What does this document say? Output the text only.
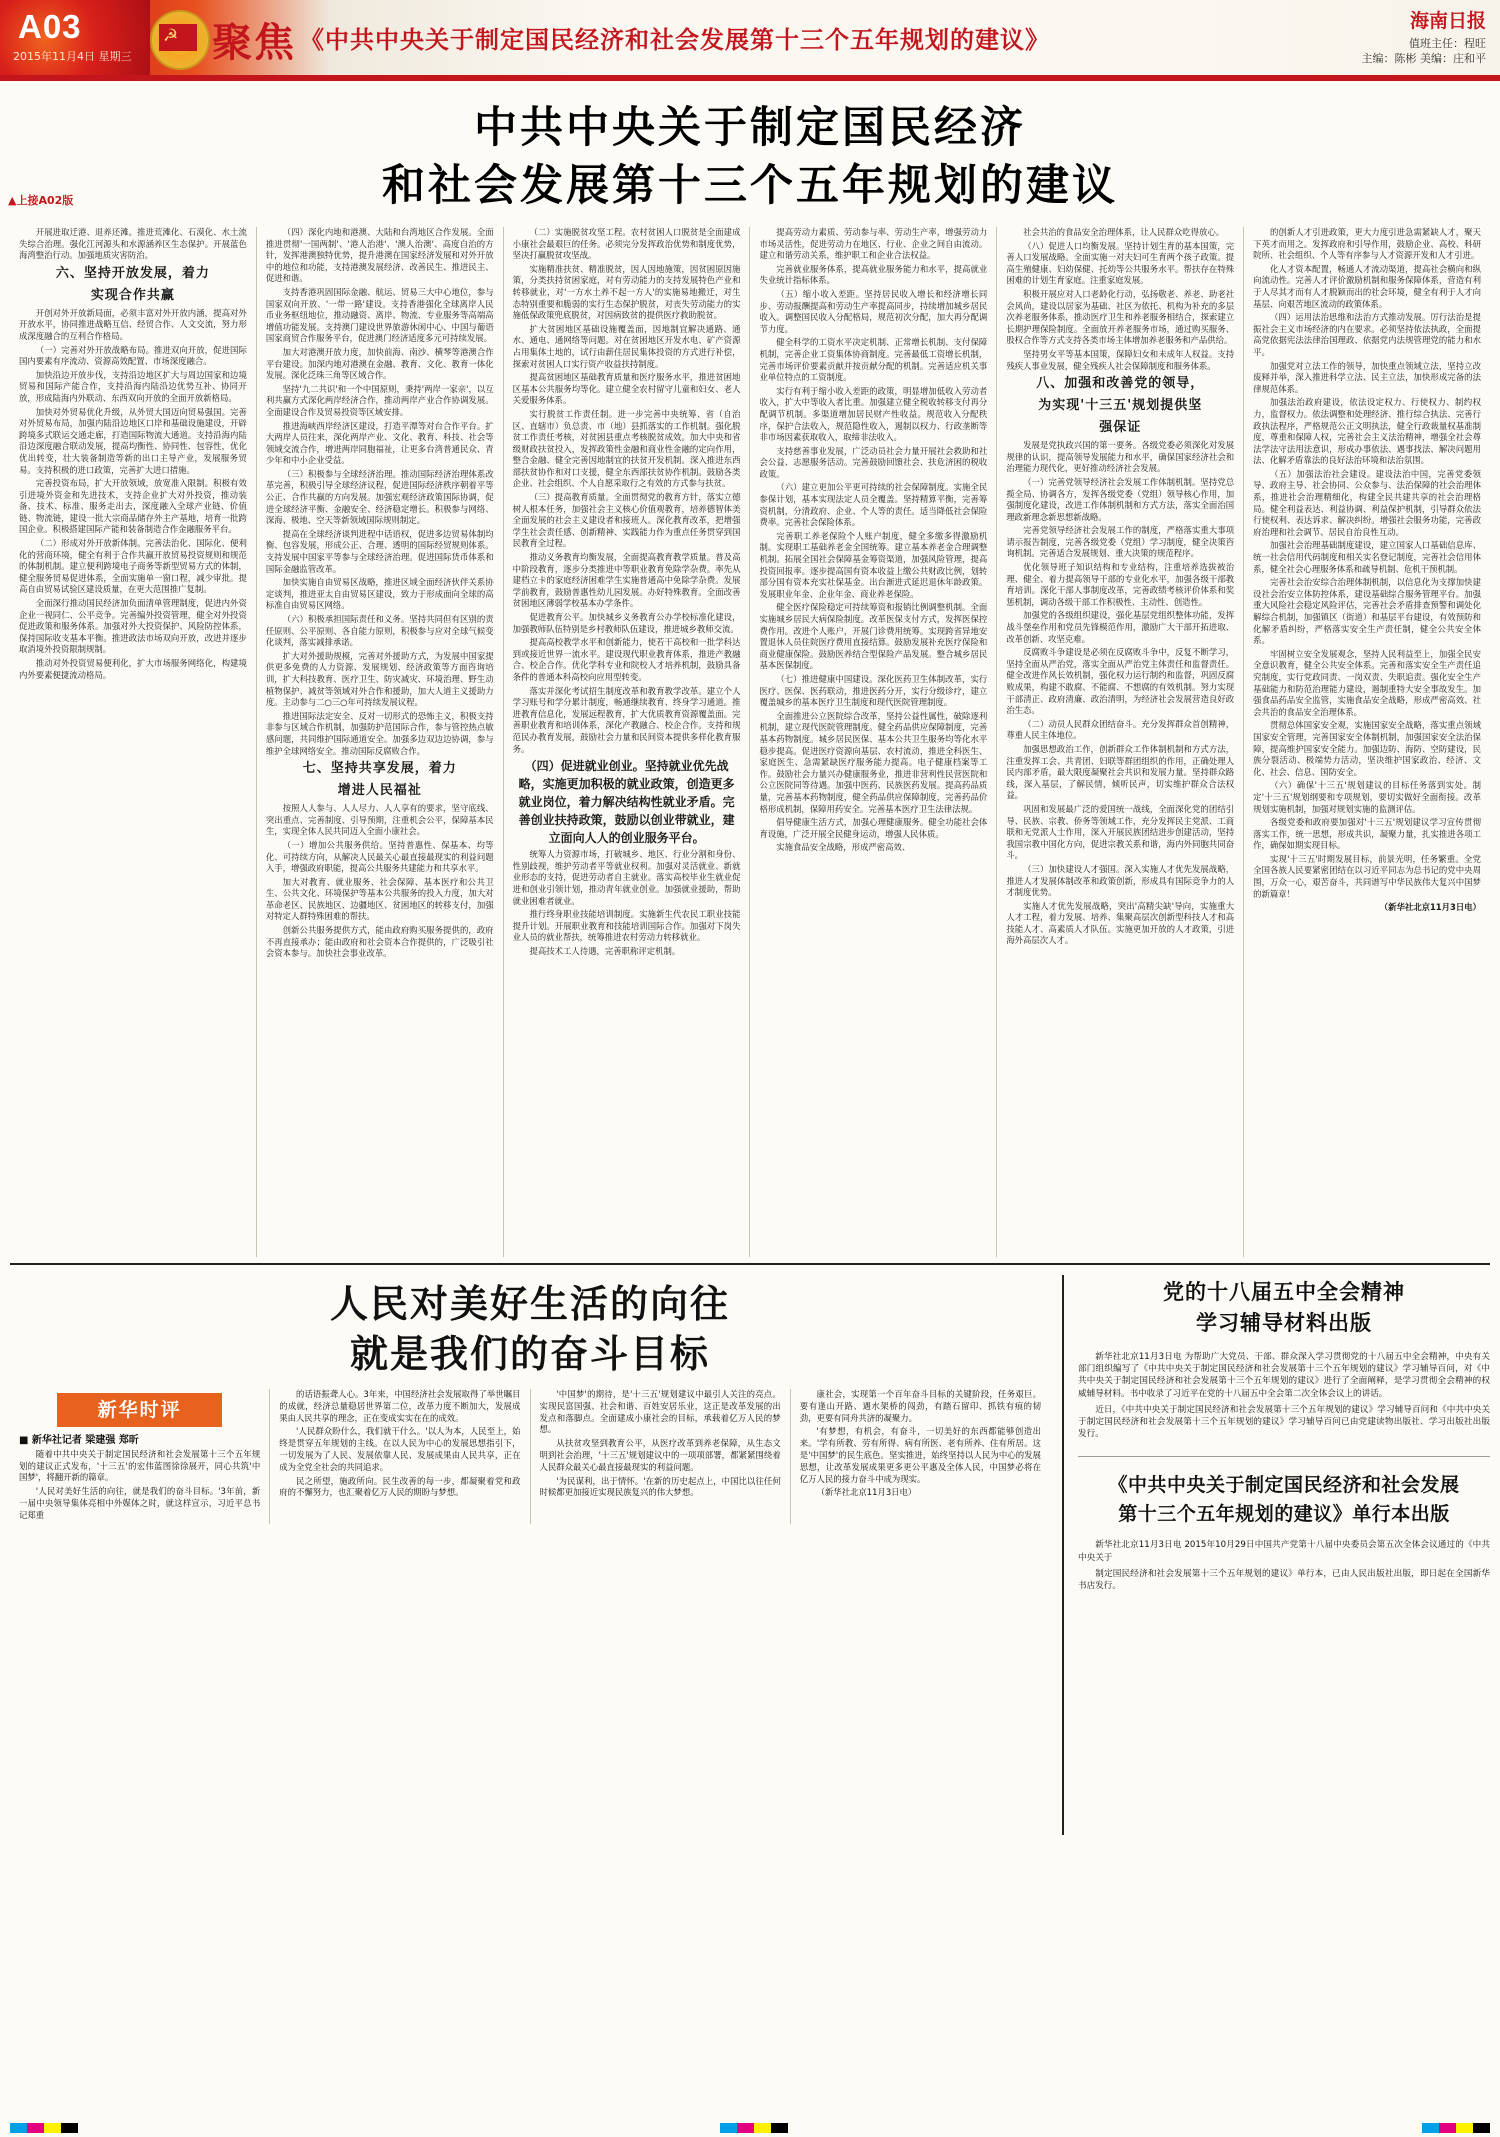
A03
2015年11月4日 星期三
☭ 聚焦 《中共中央关于制定国民经济和社会发展第十三个五年规划的建议》
海南日报
值班主任：程旺
主编：陈彬 美编：庄和平
中共中央关于制定国民经济
和社会发展第十三个五年规划的建议
▲上接A02版

开展进取迁港、退养还滩。推进荒滩化、石漠化、水土流失综合治理。强化江河源头和水源涵养区生态保护。开展蓝色海湾整治行动。加强地质灾害防治。

六、坚持开放发展，着力

实现合作共赢

开创对外开放新局面，必须丰富对外开放内涵，提高对外开放水平，协同推进战略互信、经贸合作、人文交流，努力形成深度融合的互利合作格局。

（一）完善对外开放战略布局。推进双向开放，促进国际国内要素有序流动、资源高效配置、市场深度融合。

加快沿边开放步伐，支持沿边地区扩大与周边国家和边境贸易和国际产能合作，支持沿海内陆沿边优势互补、协同开放，形成陆海内外联动、东西双向开放的全面开放新格局。

加快对外贸易优化升级，从外贸大国迈向贸易强国。完善对外贸易布局，加强内陆沿边地区口岸和基础设施建设，开辟跨境多式联运交通走廊，打造国际物流大通道。支持沿海内陆沿边深度融合联动发展，提高均衡性、协同性、包容性，优化优出转变，壮大装备制造等新的出口主导产业，发展服务贸易。支持积极的进口政策，完善扩大进口措施。

完善投资布局，扩大开放领域，放宽准入限制。积极有效引进境外资金和先进技术，支持企业扩大对外投资，推动装备、技术、标准、服务走出去，深度融入全球产业链、价值链、物流链，建设一批大宗商品储存外主产基地，培育一批跨国企业。积极搭建国际产能和装备制造合作金融服务平台。

（二）形成对外开放新体制。完善法治化、国际化、便利化的营商环境，健全有利于合作共赢开放贸易投资规则和规范的体制机制。建立便利跨境电子商务等新型贸易方式的体制，健全服务贸易促进体系，全面实施单一窗口程，减少审批。提高自由贸易试验区建设质量，在更大范围推广复制。

全面深行推动国民经济加负面清单管理制度，促进内外资企业一视同仁、公平竞争。完善编外投资管理，健全对外投资促进政策和服务体系。加强对外大投资保护、风险防控体系，保持国际收支基本平衡。推进政法市场双向开放，改进并逐步取消境外投资限制规制。

推动对外投资贸易便利化，扩大市场服务网络化，构建境内外要素便捷流动格局。

（四）深化内地和港澳、大陆和台湾地区合作发展。全面推进贯彻'一国两制'、'港人治港'、'澳人治澳'、高度自治的方针，发挥港澳独特优势，提升港澳在国家经济发展和对外开放中的地位和功能，支持港澳发展经济、改善民生、推进民主、促进和谐。

支持香港巩固国际金融、航运、贸易三大中心地位，参与国家双向开放、'一带一路'建设。支持香港强化全球离岸人民币业务枢纽地位，推动融资、离岸、物流、专业服务等高端高增值功能发展。支持澳门建设世界旅游休闲中心、中国与葡语国家商贸合作服务平台，促进澳门经济适度多元可持续发展。

加大对港澳开放力度，加快前海、南沙、横琴等港澳合作平台建设。加深内地对港澳在金融、教育、文化、教育一体化发展。深化泛珠三角等区域合作。

坚持'九二共识'和一个中国原则，秉持'两岸一家亲'，以互利共赢方式深化两岸经济合作，推动两岸产业合作协调发展。全面建设合作及贸易投资等区域安排。

推进海峡西岸经济区建设，打造平潭等对台合作平台。扩大两岸人员往来，深化两岸产业、文化、教育、科技、社会等领域交流合作，增进两岸同胞福祉，让更多台湾普通民众、青少年和中小企业受益。

（三）积极参与全球经济治理。推动国际经济治理体系改革完善，积极引导全球经济议程，促进国际经济秩序朝着平等公正、合作共赢的方向发展。加强宏观经济政策国际协调，促进全球经济平衡、金融安全、经济稳定增长。积极参与网络、深海、极地、空天等新领域国际规则制定。

提高在全球经济谈判进程中话语权，促进多边贸易体制均衡、包容发展，形成公正、合理、透明的国际经贸规则体系。支持发展中国家平等参与全球经济治理。促进国际货币体系和国际金融监管改革。

加快实施自由贸易区战略，推进区域全面经济伙伴关系协定谈判，推进亚太自由贸易区建设，致力于形成面向全球的高标准自由贸易区网络。

（六）积极承担国际责任和义务。坚持共同但有区别的责任原则、公平原则、各自能力原则，积极参与应对全球气候变化谈判，落实减排承诺。

扩大对外援助规模，完善对外援助方式，为发展中国家提供更多免费的人力资源、发展规划、经济政策等方面咨询培训，扩大科技教育、医疗卫生、防灾减灾、环境治理、野生动植物保护、减贫等领域对外合作和援助，加大人道主义援助力度。主动参与二○三○年可持续发展议程。

推进国际法定安全、反对一切形式的恐怖主义，积极支持非参与区域合作机制，加强防护范国际合作，参与管控热点敏感问题，共同维护国际通道安全。加强多边双边边协调，参与维护全球网络安全。推动国际反腐败合作。

七、坚持共享发展，着力

增进人民福祉

按照人人参与、人人尽力、人人享有的要求，坚守底线、突出重点、完善制度、引导预期，注重机会公平，保障基本民生，实现全体人民共同迈入全面小康社会。

（一）增加公共服务供给。坚持普惠性、保基本、均等化、可持续方向，从解决人民最关心最直接最现实的利益问题入手，增强政府职能，提高公共服务共建能力和共享水平。

加大对教育、就业服务、社会保障、基本医疗和公共卫生、公共文化、环境保护等基本公共服务的投入力度，加大对革命老区、民族地区、边疆地区、贫困地区的转移支付，加强对特定人群特殊困难的帮扶。

创新公共服务提供方式，能由政府购买服务提供的，政府不再直接承办；能由政府和社会资本合作提供的，广泛吸引社会资本参与。加快社会事业改革。

（二）实施脱贫攻坚工程。农村贫困人口脱贫是全面建成小康社会最艰巨的任务。必须完分发挥政治优势和制度优势，坚决打赢脱贫攻坚战。

实施精准扶贫、精准脱贫，因人因地施策，因贫困原因施策，分类扶持贫困家庭，对有劳动能力的支持发展特色产业和转移就业，对'一方水土养不起一方人'的实施易地搬迁，对生态特别重要和脆弱的实行生态保护脱贫，对丧失劳动能力的实施低保政策兜底脱贫，对因病致贫的提供医疗救助脱贫。

扩大贫困地区基础设施覆盖面，因地制宜解决通路、通水、通电、通网络等问题。对在贫困地区开发水电、矿产资源占用集体土地的，试行由薪住居民集体投资的方式进行补偿，探索对贫困人口实行资产收益扶持制度。

提高贫困地区基础教育质量和医疗服务水平，推进贫困地区基本公共服务均等化。建立健全农村留守儿童和妇女、老人关爱服务体系。

实行脱贫工作责任制。进一步完善中央统筹、省（自治区、直辖市）负总责、市（地）县抓落实的工作机制。强化脱贫工作责任考核，对贫困县重点考核脱贫成效。加大中央和省级财政扶贫投入，发挥政策性金融和商业性金融的定向作用，整合金融、健全完善因地制宜的扶贫开发机制。深入推进东西部扶贫协作和对口支援，健全东西部扶贫协作机制。鼓励各类企业、社会组织、个人自愿采取行之有效的方式参与扶贫。

（三）提高教育质量。全面贯彻党的教育方针，落实立德树人根本任务，加强社会主义核心价值观教育，培养德智体美全面发展的社会主义建设者和接班人。深化教育改革，把增强学生社会责任感、创新精神、实践能力作为重点任务贯穿到国民教育全过程。

推动义务教育均衡发展，全面提高教育教学质量。普及高中阶段教育，逐步分类推进中等职业教育免除学杂费。率先从建档立卡的家庭经济困难学生实施普通高中免除学杂费。发展学前教育，鼓励普惠性幼儿园发展。办好特殊教育。全面改善贫困地区薄弱学校基本办学条件。

促进教育公平。加快城乡义务教育公办学校标准化建设，加强教师队伍特别是乡村教师队伍建设，推进城乡教师交流。

提高高校教学水平和创新能力，使若干高校和一批学科达到或接近世界一流水平。建设现代职业教育体系，推进产教融合、校企合作。优化学科专业和院校人才培养机制，鼓励具备条件的普通本科高校向应用型转变。

落实并深化考试招生制度改革和教育教学改革。建立个人学习账号和学分累计制度，畅通继续教育、终身学习通道。推进教育信息化，发展远程教育，扩大优质教育资源覆盖面。完善职业教育和培训体系，深化产教融合、校企合作。支持和规范民办教育发展，鼓励社会力量和民间资本提供多样化教育服务。

（四）促进就业创业。坚持就业优先战略，实施更加积极的就业政策，创造更多就业岗位，着力解决结构性就业矛盾。完善创业扶持政策，鼓励以创业带就业，建立面向人人的创业服务平台。

统筹人力资源市场，打破城乡、地区、行业分割和身份、性别歧视，维护劳动者平等就业权利。加强对灵活就业、新就业形态的支持，促进劳动者自主就业。落实高校毕业生就业促进和创业引领计划，推动青年就业创业。加强就业援助，帮助就业困难者就业。

推行终身职业技能培训制度。实施新生代农民工职业技能提升计划。开展职业教育和技能培训国际合作。加强对下岗失业人员的就业帮扶，统筹推进农村劳动力转移就业。

提高技术工人待遇，完善职称评定机制。

提高劳动力素质、劳动参与率、劳动生产率，增强劳动力市场灵活性，促进劳动力在地区、行业、企业之间自由流动。建立和谐劳动关系，维护职工和企业合法权益。

完善就业服务体系，提高就业服务能力和水平，提高就业失业统计指标体系。

（五）缩小收入差距。坚持居民收入增长和经济增长同步、劳动报酬提高和劳动生产率提高同步，持续增加城乡居民收入。调整国民收入分配格局，规范初次分配，加大再分配调节力度。

健全科学的工资水平决定机制、正常增长机制、支付保障机制，完善企业工资集体协商制度。完善最低工资增长机制，完善市场评价要素贡献并按贡献分配的机制。完善适应机关事业单位特点的工资制度。

实行有利于缩小收入差距的政策，明显增加低收入劳动者收入，扩大中等收入者比重。加强建立健全税收转移支付再分配调节机制。多渠道增加居民财产性收益。规范收入分配秩序，保护合法收入，规范隐性收入，遏制以权力、行政垄断等非市场因素获取收入，取缔非法收入。

支持慈善事业发展，广泛动员社会力量开展社会救助和社会公益、志愿服务活动。完善鼓励回馈社会、扶危济困的税收政策。

（六）建立更加公平更可持续的社会保障制度。实施全民参保计划，基本实现法定人员全覆盖。坚持精算平衡，完善筹资机制，分清政府、企业、个人等的责任。适当降低社会保险费率。完善社会保险体系。

完善职工养老保险个人账户制度，健全多缴多得激励机制。实现职工基础养老金全国统筹。建立基本养老金合理调整机制。拓展全国社会保障基金筹资渠道，加强风险管理，提高投资回报率。逐步提高国有资本收益上缴公共财政比例，划转部分国有资本充实社保基金。出台渐进式延迟退休年龄政策。发展职业年金、企业年金、商业养老保险。

健全医疗保险稳定可持续筹资和报销比例调整机制。全面实施城乡居民大病保险制度。改革医保支付方式，发挥医保控费作用。改进个人账户，开展门诊费用统筹。实现跨省异地安置退休人员住院医疗费用直接结算。鼓励发展补充医疗保险和商业健康保险。鼓励医养结合型保险产品发展。整合城乡居民基本医保制度。

（七）推进健康中国建设。深化医药卫生体制改革，实行医疗、医保、医药联动，推进医药分开，实行分级诊疗，建立覆盖城乡的基本医疗卫生制度和现代医院管理制度。

全面推进公立医院综合改革，坚持公益性属性，破除逐利机制，建立现代医院管理制度。健全药品供应保障制度，完善基本药物制度。城乡居民医保、基本公共卫生服务均等化水平稳步提高。促进医疗资源向基层、农村流动，推进全科医生、家庭医生、急需紧缺医疗服务能力提高。电子健康档案等工作。鼓励社会力量兴办健康服务业，推进非营利性民营医院和公立医院同等待遇。加强中医药、民族医药发展。提高药品质量，完善基本药物制度，健全药品供应保障制度，完善药品价格形成机制，保障用药安全。完善基本医疗卫生法律法规。

倡导健康生活方式，加强心理健康服务。健全功能社会体育设施，广泛开展全民健身运动，增强人民体质。

实施食品安全战略，形成严密高效、

社会共治的食品安全治理体系，让人民群众吃得放心。

（八）促进人口均衡发展。坚持计划生育的基本国策，完善人口发展战略。全面实施一对夫妇可生育两个孩子政策。提高生殖健康、妇幼保健、托幼等公共服务水平。帮扶存在特殊困难的计划生育家庭。注重家庭发展。

积极开展应对人口老龄化行动，弘扬敬老、养老、助老社会风尚，建设以居家为基础、社区为依托、机构为补充的多层次养老服务体系，推动医疗卫生和养老服务相结合，探索建立长期护理保险制度。全面放开养老服务市场，通过购买服务、股权合作等方式支持各类市场主体增加养老服务和产品供给。

坚持男女平等基本国策，保障妇女和未成年人权益。支持残疾人事业发展，健全残疾人社会保障制度和服务体系。

八、加强和改善党的领导，

为实现'十三五'规划提供坚

强保证

发展是党执政兴国的第一要务。各级党委必须深化对发展规律的认识，提高领导发展能力和水平，确保国家经济社会和治理能力现代化，更好推动经济社会发展。

（一）完善党领导经济社会发展工作体制机制。坚持党总揽全局、协调各方，发挥各级党委（党组）领导核心作用，加强制度化建设，改进工作体制机制和方式方法，落实全面治国理政新理念新思想新战略。

完善党领导经济社会发展工作的制度，严格落实重大事项请示报告制度，完善各级党委（党组）学习制度，健全决策咨询机制。完善适合发展规划、重大决策的规范程序。

优化领导班子知识结构和专业结构，注重培养选拔被治理、健全、着力提高领导干部的专业化水平，加强各级干部教育培训。深化干部人事制度改革，完善政绩考核评价体系和奖惩机制，调动各级干部工作积极性、主动性、创造性。

加强党的各级组织建设，强化基层党组织整体功能，发挥战斗堡垒作用和党员先锋模范作用，激励广大干部开拓进取、改革创新、攻坚克难。

反腐败斗争建设是必须在反腐败斗争中，反复不断学习，坚持全面从严治党，落实全面从严治党主体责任和监督责任。健全改进作风长效机制，强化权力运行制约和监督，巩固反腐败成果，构建不敢腐、不能腐、不想腐的有效机制。努力实现干部清正、政府清廉、政治清明，为经济社会发展营造良好政治生态。

（二）动员人民群众团结奋斗。充分发挥群众首创精神，尊重人民主体地位。

加强思想政治工作，创新群众工作体制机制和方式方法，注重发挥工会、共青团、妇联等群团组织的作用，正确处理人民内部矛盾，最大限度凝聚社会共识和发展力量。坚持群众路线，深入基层，了解民情，倾听民声，切实维护群众合法权益。

巩固和发展最广泛的爱国统一战线，全面深化党的团结引导、民族、宗教、侨务等领域工作，充分发挥民主党派、工商联和无党派人士作用，深入开展民族团结进步创建活动，坚持我国宗教中国化方向，促进宗教关系和谐，海内外同胞共同奋斗。

（三）加快建设人才强国。深入实施人才优先发展战略，推进人才发展体制改革和政策创新，形成具有国际竞争力的人才制度优势。

实施人才优先发展战略，突出'高精尖缺'导向，实施重大人才工程，着力发展、培养、集聚高层次创新型科技人才和高技能人才、高素质人才队伍。实施更加开放的人才政策，引进海外高层次人才。

的创新人才引进政策，更大力度引进急需紧缺人才，聚天下英才而用之。发挥政府和引导作用，鼓励企业、高校、科研院所、社会组织、个人等有序参与人才资源开发和人才引进。

化人才资本配置，畅通人才流动渠道，提高社会横向和纵向流动性。完善人才评价激励机制和服务保障体系，营造有利于人尽其才而有人才脱颖而出的社会环境，健全有利于人才向基层、向艰苦地区流动的政策体系。

（四）运用法治思维和法治方式推动发展。厉行法治是提振社会主义市场经济的内在要求。必须坚持依法执政，全面提高党依据宪法法律治国理政、依据党内法规管理党的能力和水平。

加强党对立法工作的领导，加快重点领域立法，坚持立改废释并举，深入推进科学立法、民主立法，加快形成完备的法律规范体系。

加强法治政府建设，依法设定权力、行使权力、制约权力，监督权力。依法调整和处理经济、推行综合执法、完善行政执法程序，严格规范公正文明执法，健全行政裁量权基准制度，尊重和保障人权，完善社会主义法治精神，增强全社会尊法学法守法用法意识，形成办事依法、遇事找法、解决问题用法、化解矛盾靠法的良好法治环境和法治氛围。

（五）加强法治社会建设。建设法治中国，完善党委领导、政府主导、社会协同、公众参与、法治保障的社会治理体系，推进社会治理精细化，构建全民共建共享的社会治理格局。健全利益表达、利益协调、利益保护机制，引导群众依法行使权利、表达诉求、解决纠纷。增强社会服务功能，完善政府治理和社会调节、居民自治良性互动。

加强社会治理基础制度建设，建立国家人口基础信息库、统一社会信用代码制度和相关实名登记制度，完善社会信用体系，健全社会心理服务体系和疏导机制、危机干预机制。

完善社会治安综合治理体制机制，以信息化为支撑加快建设社会治安立体防控体系，建设基础综合服务管理平台。加强重大风险社会稳定风险评估，完善社会矛盾排查预警和调处化解综合机制，加强镇区（街道）和基层平台建设，有效预防和化解矛盾纠纷，严格落实安全生产责任制，健全公共安全体系。

牢固树立安全发展观念，坚持人民利益至上，加强全民安全意识教育，健全公共安全体系。完善和落实安全生产责任追究制度，实行党政同责、一岗双责、失职追责。强化安全生产基础能力和防范治理能力建设，遏制重特大安全事故发生。加强食品药品安全监管，实施食品安全战略，形成严密高效、社会共治的食品安全治理体系。

贯彻总体国家安全观，实施国家安全战略，落实重点领域国家安全管理，完善国家安全体制机制，加强国家安全法治保障，提高维护国家安全能力。加强边防、海防、空防建设，民族分裂活动、极端势力活动，坚决维护国家政治、经济、文化、社会、信息、国防安全。

（六）确保'十三五'规划建议的目标任务落到实处。制定'十三五'规划纲要和专项规划，要切实做好全面衔接。改革规划实施机制，加强对规划实施的监测评估。

各级党委和政府要加强对'十三五'规划建议学习宣传贯彻落实工作，统一思想，形成共识，凝聚力量，扎实推进各项工作，确保如期实现目标。

实现'十三五'时期发展目标，前景光明，任务繁重。全党全国各族人民要紧密团结在以习近平同志为总书记的党中央周围，万众一心，艰苦奋斗，共同谱写中华民族伟大复兴中国梦的新篇章！

（新华社北京11月3日电）

人民对美好生活的向往
就是我们的奋斗目标
新华时评

■ 新华社记者 梁建强 郑昕

随着中共中央关于制定国民经济和社会发展第十三个五年规划的建议正式发布，'十三五'的宏伟蓝图徐徐展开，同心共筑'中国梦'，将翻开新的篇章。

'人民对美好生活的向往，就是我们的奋斗目标。'3年前，新一届中央领导集体亮相中外媒体之时，就这样宣示，习近平总书记郑重

的话语振聋人心。3年来，中国经济社会发展取得了举世瞩目的成就，经济总量稳居世界第二位，改革力度不断加大，发展成果由人民共享的理念，正在变成实实在在的成效。

'人民群众盼什么，我们就干什么。'以人为本，人民至上，始终是贯穿五年规划的主线。在以人民为中心的发展思想指引下，一切发展为了人民、发展依靠人民、发展成果由人民共享，正在成为全党全社会的共同追求。

民之所望，施政所向。民生改善的每一步，都凝聚着党和政府的不懈努力，也汇聚着亿万人民的期盼与梦想。

'中国梦'的期待，是'十三五'规划建议中最引人关注的亮点。实现民富国强、社会和谐、百姓安居乐业，这正是改革发展的出发点和落脚点。全面建成小康社会的目标，承载着亿万人民的梦想。

从扶贫攻坚到教育公平，从医疗改革到养老保障，从生态文明到社会治理，'十三五'规划建议中的一项项部署，都紧紧围绕着人民群众最关心最直接最现实的利益问题。

'为民谋利，出于情怀。'在新的历史起点上，中国比以往任何时候都更加接近实现民族复兴的伟大梦想。

康社会，实现第一个百年奋斗目标的关键阶段，任务艰巨。要有逢山开路、遇水架桥的闯劲，有踏石留印、抓铁有痕的韧劲，更要有同舟共济的凝聚力。

'有梦想，有机会，有奋斗，一切美好的东西都能够创造出来。'学有所教、劳有所得、病有所医、老有所养、住有所居。这是'中国梦'的民生底色。坚实推进，始终坚持以人民为中心的发展思想，让改革发展成果更多更公平惠及全体人民，中国梦必将在亿万人民的接力奋斗中成为现实。

（新华社北京11月3日电）

党的十八届五中全会精神
学习辅导材料出版

新华社北京11月3日电 为帮助广大党员、干部、群众深入学习贯彻党的十八届五中全会精神，中央有关部门组织编写了《中共中央关于制定国民经济和社会发展第十三个五年规划的建议》学习辅导百问，对《中共中央关于制定国民经济和社会发展第十三个五年规划的建议》进行了全面阐释，是学习贯彻全会精神的权威辅导材料。书中收录了习近平在党的十八届五中全会第二次全体会议上的讲话。

近日，《中共中央关于制定国民经济和社会发展第十三个五年规划的建议》学习辅导百问和《中共中央关于制定国民经济和社会发展第十三个五年规划的建议》学习辅导百问已由党建读物出版社、学习出版社出版发行。

《中共中央关于制定国民经济和社会发展
第十三个五年规划的建议》单行本出版

新华社北京11月3日电 2015年10月29日中国共产党第十八届中央委员会第五次全体会议通过的《中共中央关于

制定国民经济和社会发展第十三个五年规划的建议》单行本，已由人民出版社出版，即日起在全国新华书店发行。
